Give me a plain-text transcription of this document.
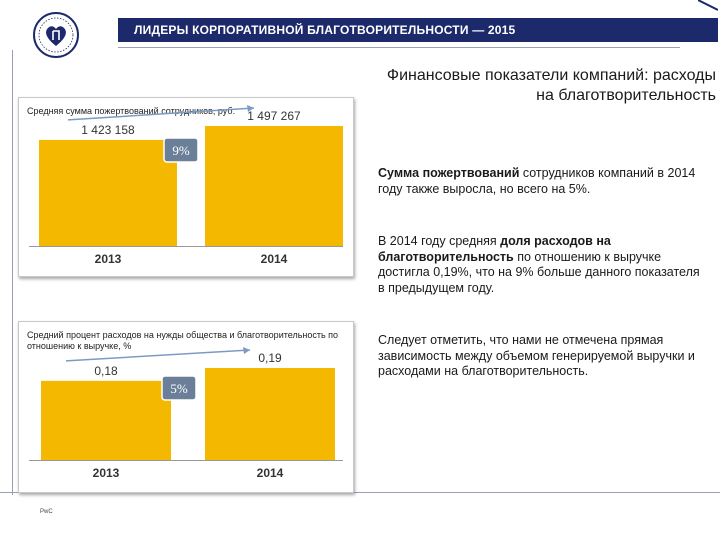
ЛИДЕРЫ КОРПОРАТИВНОЙ БЛАГОТВОРИТЕЛЬНОСТИ — 2015
Финансовые показатели компаний: расходы на благотворительность
Средняя сумма пожертвований сотрудников, руб.
1 423 158
2013
1 497 267
2014
9%
Средний процент расходов на нужды общества и благотворительность по отношению к выручке, %
0,18
2013
0,19
2014
5%
Сумма пожертвований сотрудников компаний в 2014 году также выросла, но всего на 5%.
В 2014 году средняя доля расходов на благотворительность по отношению к выручке достигла 0,19%, что на 9% больше данного показателя в предыдущем году.
Следует отметить, что нами не отмечена прямая зависимость между объемом генерируемой выручки и расходами на благотворительность.
PwC
